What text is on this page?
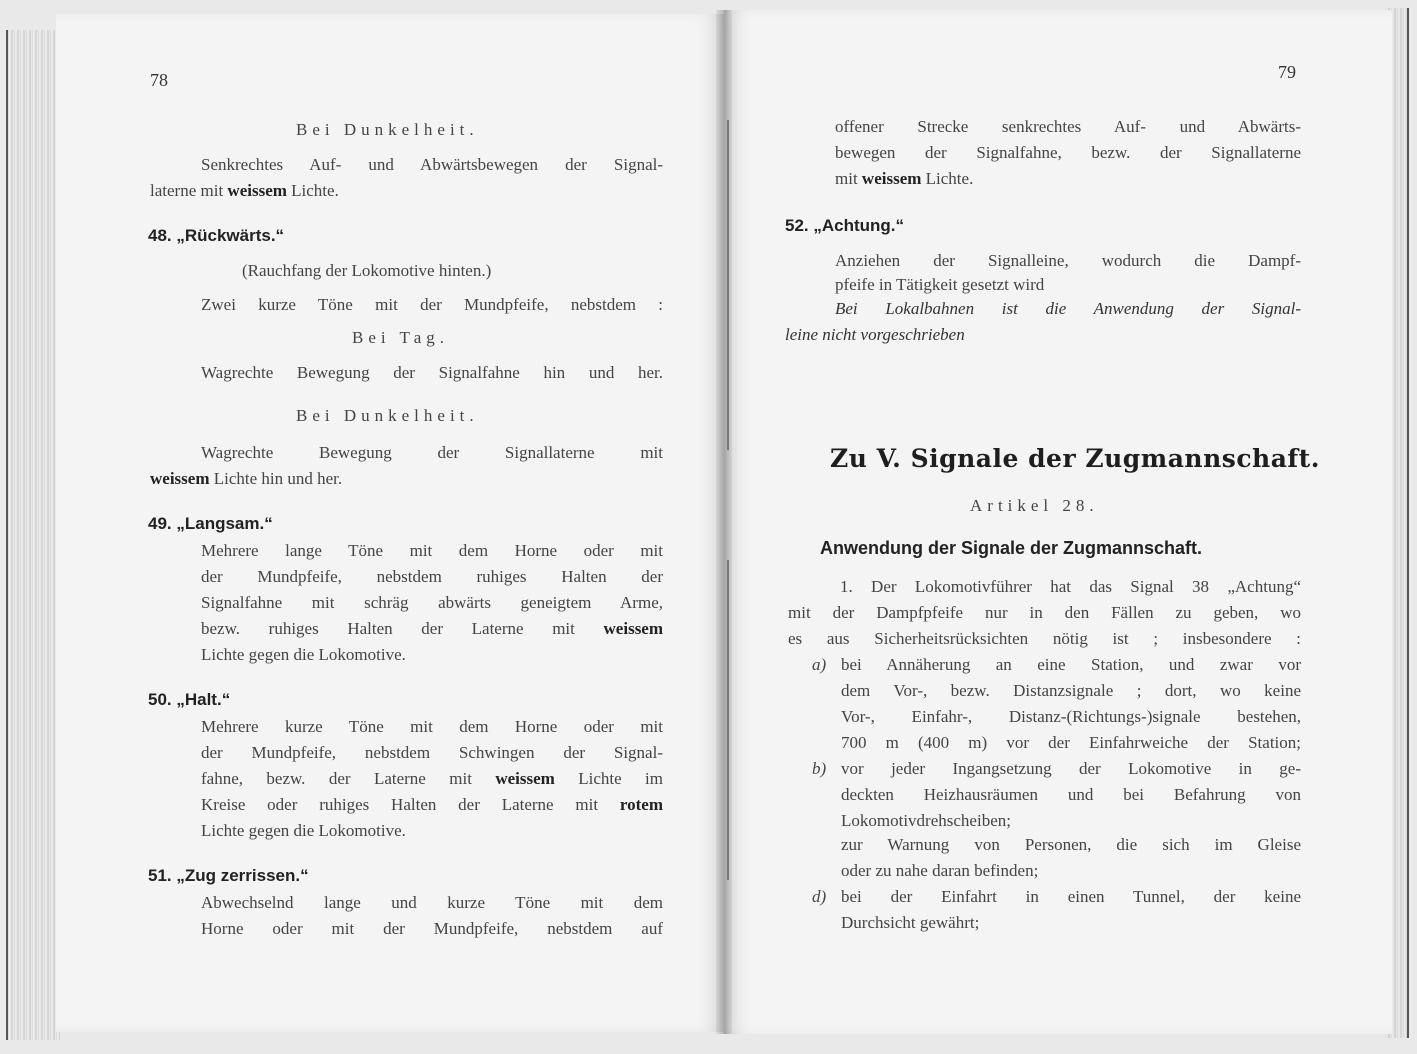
78
Bei Dunkelheit.
Senkrechtes Auf- und Abwärtsbewegen der Signal-
laterne mit weissem Lichte.
48. „Rückwärts.“
(Rauchfang der Lokomotive hinten.)
Zwei kurze Töne mit der Mundpfeife, nebstdem :
Bei Tag.
Wagrechte Bewegung der Signalfahne hin und her.
Bei Dunkelheit.
Wagrechte Bewegung der Signallaterne mit
weissem Lichte hin und her.
49. „Langsam.“
Mehrere lange Töne mit dem Horne oder mit
der Mundpfeife, nebstdem ruhiges Halten der
Signalfahne mit schräg abwärts geneigtem Arme,
bezw. ruhiges Halten der Laterne mit weissem
Lichte gegen die Lokomotive.
50. „Halt.“
Mehrere kurze Töne mit dem Horne oder mit
der Mundpfeife, nebstdem Schwingen der Signal-
fahne, bezw. der Laterne mit weissem Lichte im
Kreise oder ruhiges Halten der Laterne mit rotem
Lichte gegen die Lokomotive.
51. „Zug zerrissen.“
Abwechselnd lange und kurze Töne mit dem
Horne oder mit der Mundpfeife, nebstdem auf
79
offener Strecke senkrechtes Auf- und Abwärts-
bewegen der Signalfahne, bezw. der Signallaterne
mit weissem Lichte.
52. „Achtung.“
Anziehen der Signalleine, wodurch die Dampf-
pfeife in Tätigkeit gesetzt wird
Bei Lokalbahnen ist die Anwendung der Signal-
leine nicht vorgeschrieben
Zu V. Signale der Zugmannschaft.
Artikel 28.
Anwendung der Signale der Zugmannschaft.
1. Der Lokomotivführer hat das Signal 38 „Achtung“
mit der Dampfpfeife nur in den Fällen zu geben, wo
es aus Sicherheitsrücksichten nötig ist ; insbesondere :
a) bei Annäherung an eine Station, und zwar vor
dem Vor-, bezw. Distanzsignale ; dort, wo keine
Vor-, Einfahr-, Distanz-(Richtungs-)signale bestehen,
700 m (400 m) vor der Einfahrweiche der Station;
b) vor jeder Ingangsetzung der Lokomotive in ge-
deckten Heizhausräumen und bei Befahrung von
Lokomotivdrehscheiben;
zur Warnung von Personen, die sich im Gleise
oder zu nahe daran befinden;
d) bei der Einfahrt in einen Tunnel, der keine
Durchsicht gewährt;
